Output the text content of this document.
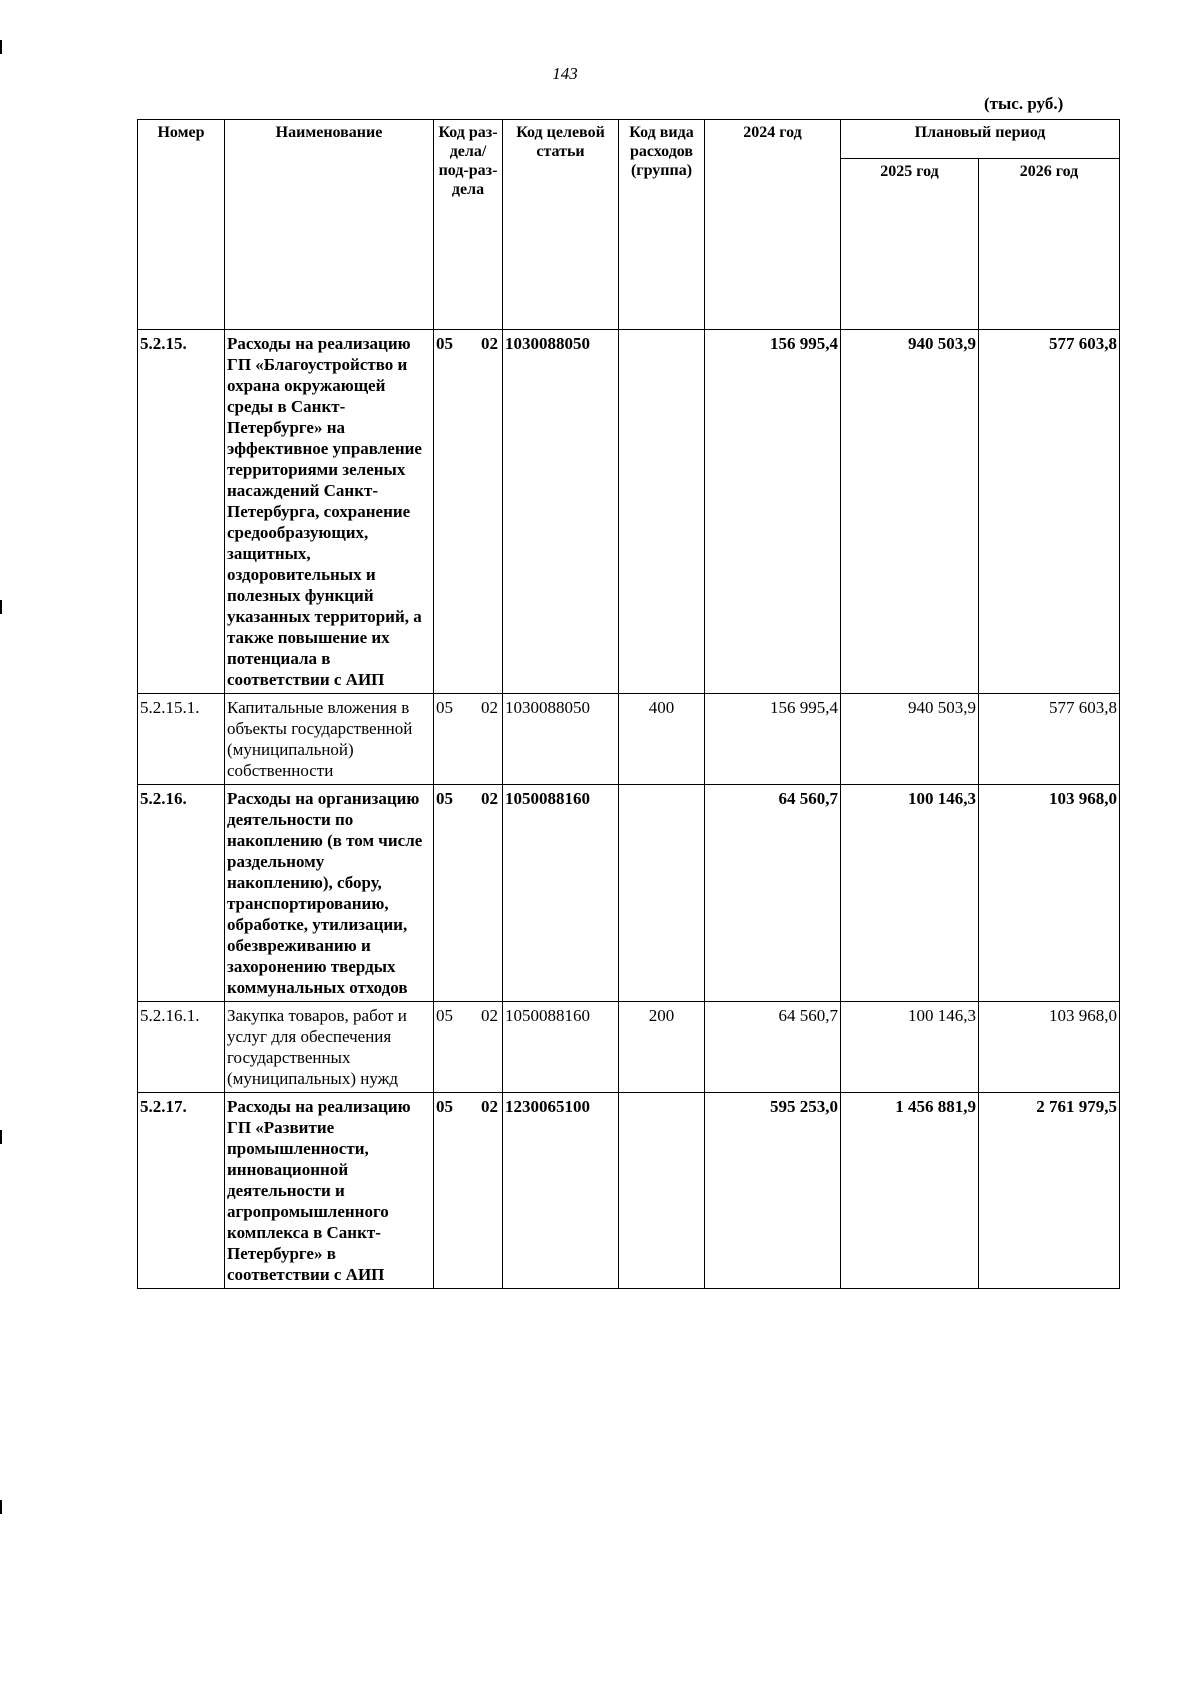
143
(тыс. руб.)
Номер	Наименование	Код раз-дела/ под-раз-дела	Код целевой статьи	Код вида расходов (группа)	2024 год	Плановый период	
						2025 год	2026 год
5.2.15.	Расходы на реализацию ГП «Благоустройство и охрана окружающей среды в Санкт-Петербурге» на эффективное управление территориями зеленых насаждений Санкт-Петербурга, сохранение средообразующих, защитных, оздоровительных и полезных функций указанных территорий, а также повышение их потенциала в соответствии с АИП	05 02	1030088050		156 995,4	940 503,9	577 603,8
5.2.15.1.	Капитальные вложения в объекты государственной (муниципальной) собственности	05 02	1030088050	400	156 995,4	940 503,9	577 603,8
5.2.16.	Расходы на организацию деятельности по накоплению (в том числе раздельному накоплению), сбору, транспортированию, обработке, утилизации, обезвреживанию и захоронению твердых коммунальных отходов	05 02	1050088160		64 560,7	100 146,3	103 968,0
5.2.16.1.	Закупка товаров, работ и услуг для обеспечения государственных (муниципальных) нужд	05 02	1050088160	200	64 560,7	100 146,3	103 968,0
5.2.17.	Расходы на реализацию ГП «Развитие промышленности, инновационной деятельности и агропромышленного комплекса в Санкт-Петербурге» в соответствии с АИП	05 02	1230065100		595 253,0	1 456 881,9	2 761 979,5
